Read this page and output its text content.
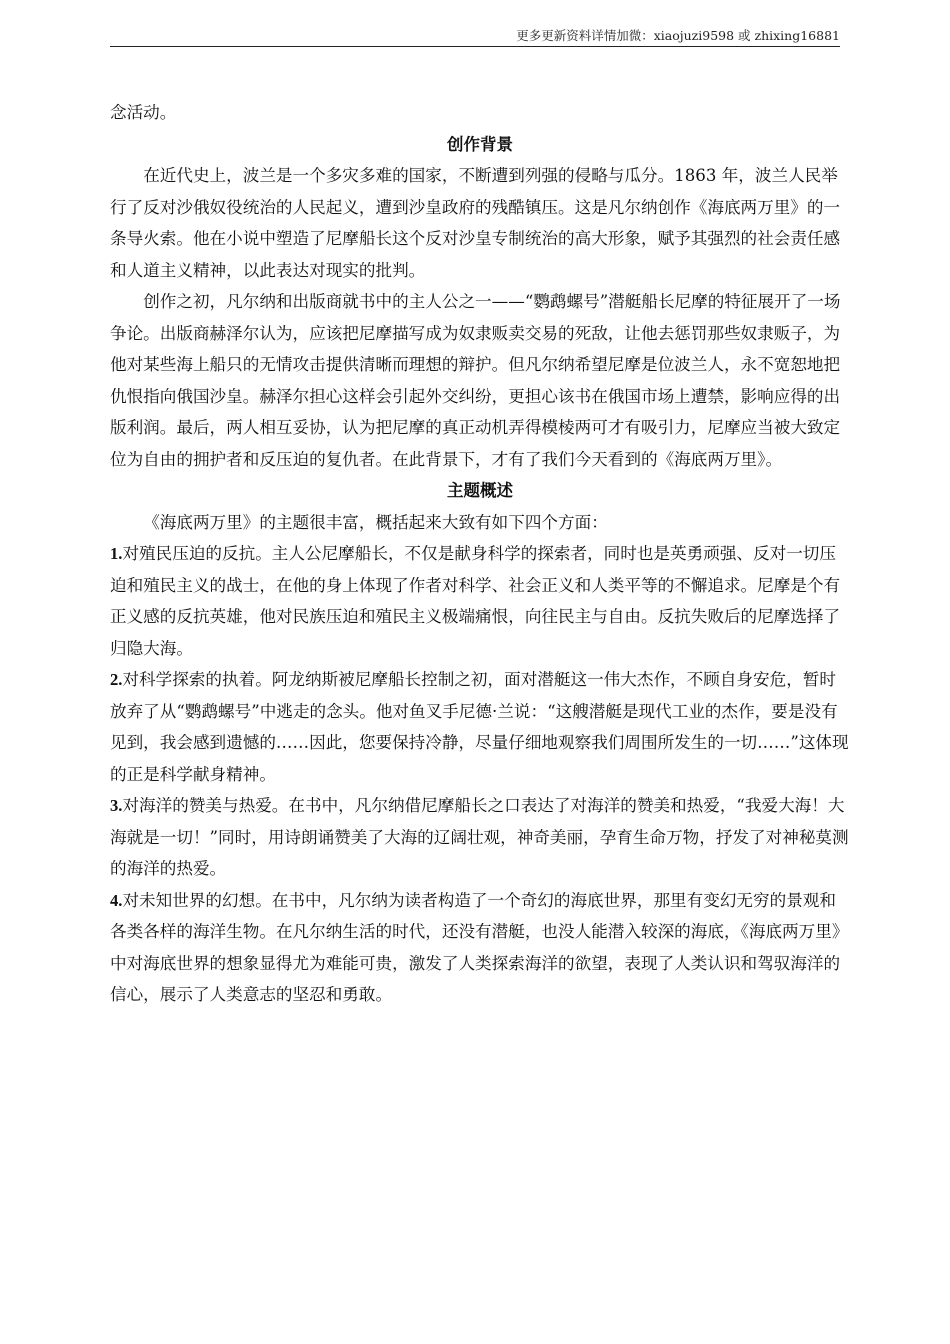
更多更新资料详情加微：xiaojuzi9598 或 zhixing16881

念活动。

创作背景

在近代史上，波兰是一个多灾多难的国家，不断遭到列强的侵略与瓜分。1863 年，波兰人民举行了反对沙俄奴役统治的人民起义，遭到沙皇政府的残酷镇压。这是凡尔纳创作《海底两万里》的一条导火索。他在小说中塑造了尼摩船长这个反对沙皇专制统治的高大形象，赋予其强烈的社会责任感和人道主义精神，以此表达对现实的批判。

创作之初，凡尔纳和出版商就书中的主人公之一——“鹦鹉螺号”潜艇船长尼摩的特征展开了一场争论。出版商赫泽尔认为，应该把尼摩描写成为奴隶贩卖交易的死敌，让他去惩罚那些奴隶贩子，为他对某些海上船只的无情攻击提供清晰而理想的辩护。但凡尔纳希望尼摩是位波兰人，永不宽恕地把仇恨指向俄国沙皇。赫泽尔担心这样会引起外交纠纷，更担心该书在俄国市场上遭禁，影响应得的出版利润。最后，两人相互妥协，认为把尼摩的真正动机弄得模棱两可才有吸引力，尼摩应当被大致定位为自由的拥护者和反压迫的复仇者。在此背景下，才有了我们今天看到的《海底两万里》。

主题概述

《海底两万里》的主题很丰富，概括起来大致有如下四个方面：

1.对殖民压迫的反抗。主人公尼摩船长，不仅是献身科学的探索者，同时也是英勇顽强、反对一切压迫和殖民主义的战士，在他的身上体现了作者对科学、社会正义和人类平等的不懈追求。尼摩是个有正义感的反抗英雄，他对民族压迫和殖民主义极端痛恨，向往民主与自由。反抗失败后的尼摩选择了归隐大海。

2.对科学探索的执着。阿龙纳斯被尼摩船长控制之初，面对潜艇这一伟大杰作，不顾自身安危，暂时放弃了从“鹦鹉螺号”中逃走的念头。他对鱼叉手尼德·兰说：“这艘潜艇是现代工业的杰作，要是没有见到，我会感到遗憾的……因此，您要保持冷静，尽量仔细地观察我们周围所发生的一切……”这体现的正是科学献身精神。

3.对海洋的赞美与热爱。在书中，凡尔纳借尼摩船长之口表达了对海洋的赞美和热爱，“我爱大海！大海就是一切！”同时，用诗朗诵赞美了大海的辽阔壮观，神奇美丽，孕育生命万物，抒发了对神秘莫测的海洋的热爱。

4.对未知世界的幻想。在书中，凡尔纳为读者构造了一个奇幻的海底世界，那里有变幻无穷的景观和各类各样的海洋生物。在凡尔纳生活的时代，还没有潜艇，也没人能潜入较深的海底，《海底两万里》中对海底世界的想象显得尤为难能可贵，激发了人类探索海洋的欲望，表现了人类认识和驾驭海洋的信心，展示了人类意志的坚忍和勇敢。
